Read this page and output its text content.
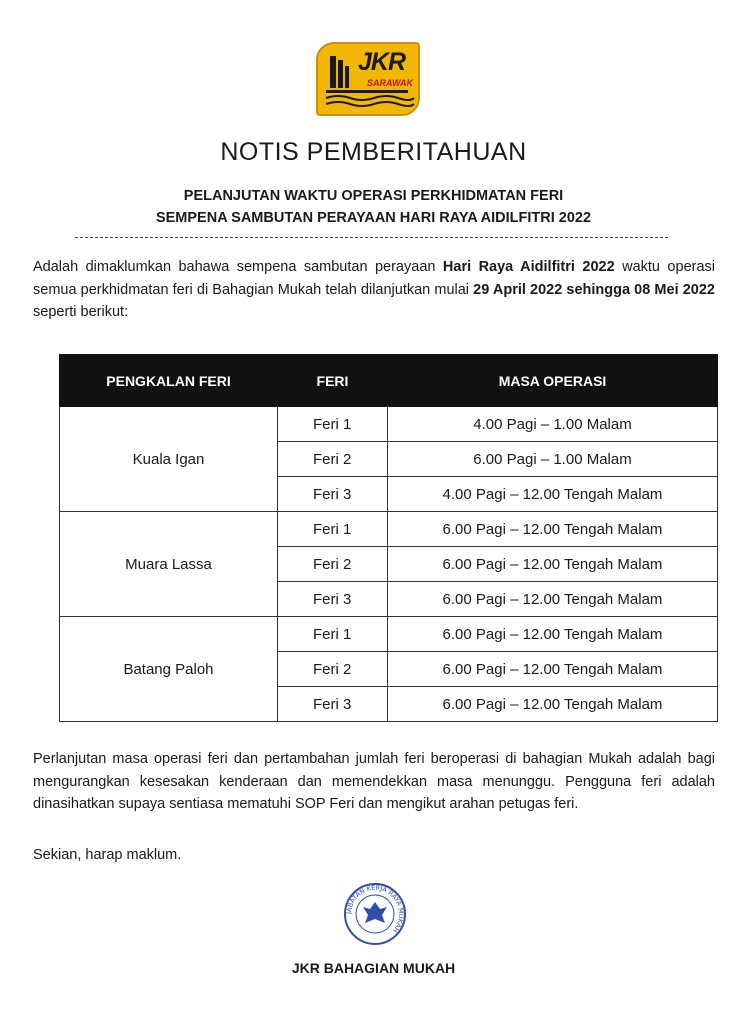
JKR
SARAWAK
NOTIS PEMBERITAHUAN
PELANJUTAN WAKTU OPERASI PERKHIDMATAN FERI
SEMPENA SAMBUTAN PERAYAAN HARI RAYA AIDILFITRI 2022
Adalah dimaklumkan bahawa sempena sambutan perayaan Hari Raya Aidilfitri 2022 waktu operasi semua perkhidmatan feri di Bahagian Mukah telah dilanjutkan mulai 29 April 2022 sehingga 08 Mei 2022 seperti berikut:
PENGKALAN FERI	FERI	MASA OPERASI
Kuala Igan	Feri 1	4.00 Pagi – 1.00 Malam
	Feri 2	6.00 Pagi – 1.00 Malam
	Feri 3	4.00 Pagi – 12.00 Tengah Malam
Muara Lassa	Feri 1	6.00 Pagi – 12.00 Tengah Malam
	Feri 2	6.00 Pagi – 12.00 Tengah Malam
	Feri 3	6.00 Pagi – 12.00 Tengah Malam
Batang Paloh	Feri 1	6.00 Pagi – 12.00 Tengah Malam
	Feri 2	6.00 Pagi – 12.00 Tengah Malam
	Feri 3	6.00 Pagi – 12.00 Tengah Malam
Perlanjutan masa operasi feri dan pertambahan jumlah feri beroperasi di bahagian Mukah adalah bagi mengurangkan kesesakan kenderaan dan memendekkan masa menunggu. Pengguna feri adalah dinasihatkan supaya sentiasa mematuhi SOP Feri dan mengikut arahan petugas feri.
Sekian, harap maklum.
JABATAN KERJA RAYA MUKAH
JKR BAHAGIAN MUKAH
